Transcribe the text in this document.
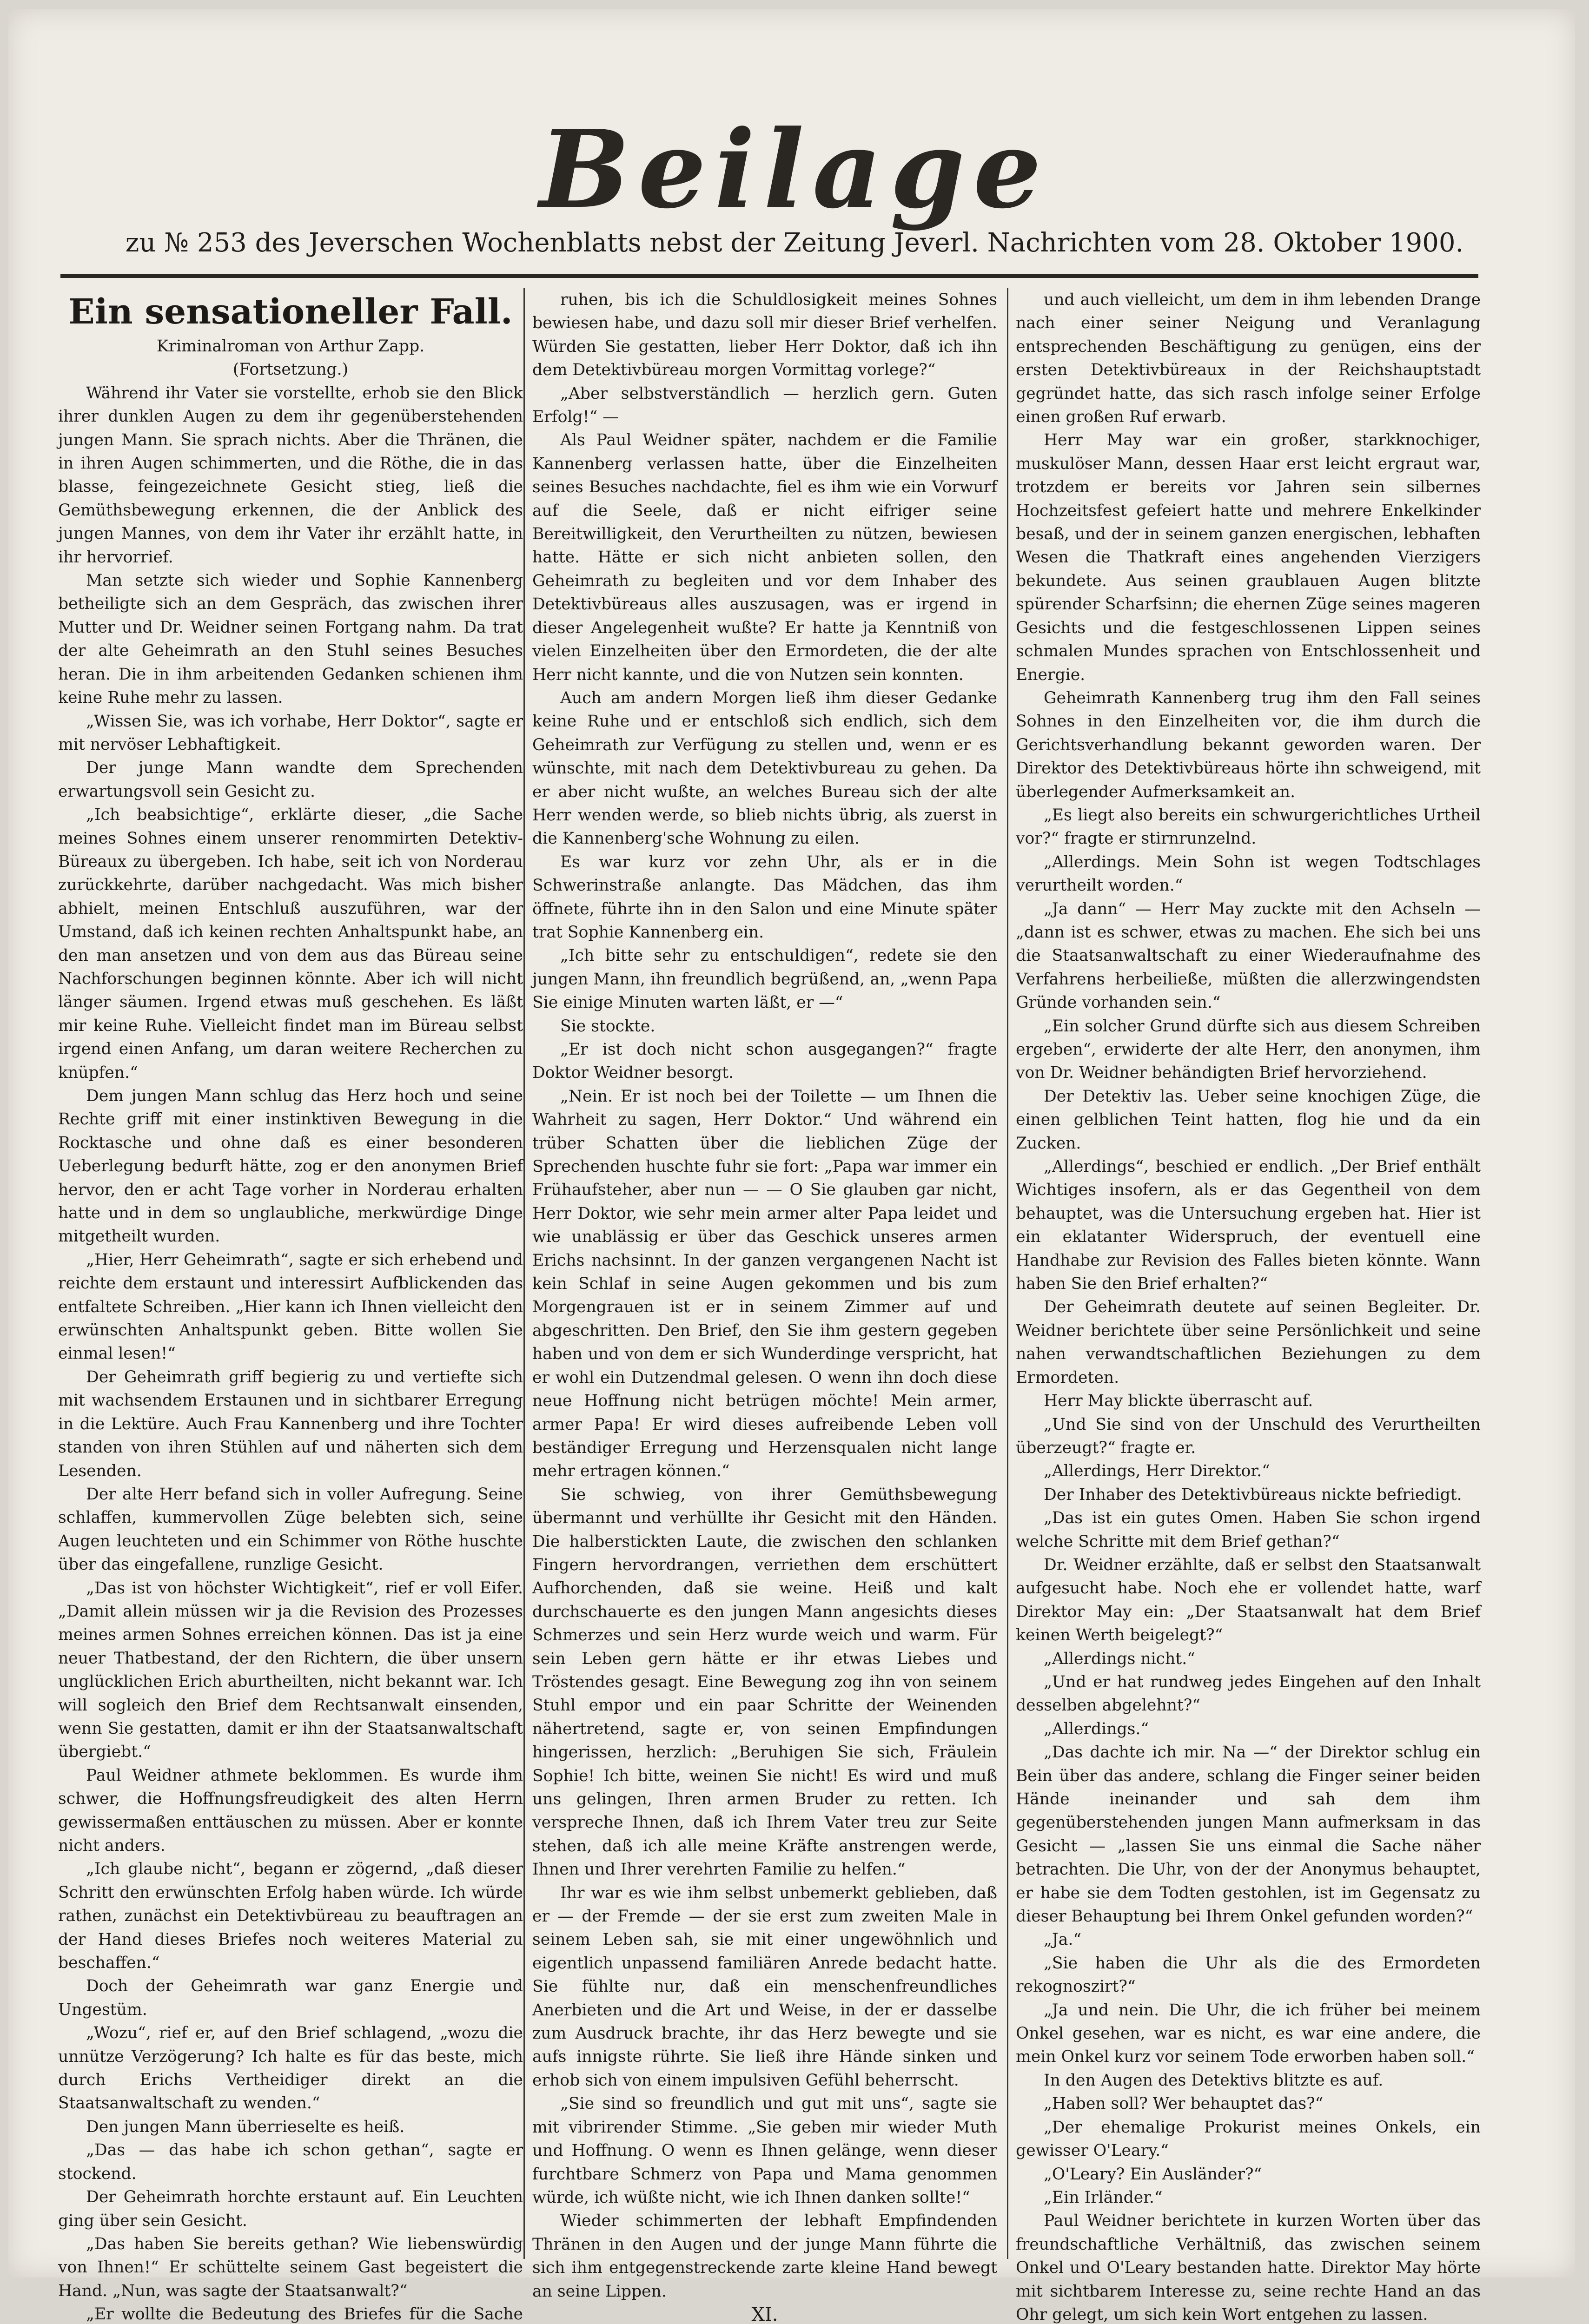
Beilage
zu № 253 des Jeverschen Wochenblatts nebst der Zeitung Jeverl. Nachrichten vom 28. Oktober 1900.
Ein sensationeller Fall.

Kriminalroman von Arthur Zapp.

(Fortsetzung.)

Während ihr Vater sie vorstellte, erhob sie den Blick ihrer dunklen Augen zu dem ihr gegenüberstehenden jungen Mann. Sie sprach nichts. Aber die Thränen, die in ihren Augen schimmerten, und die Röthe, die in das blasse, feingezeichnete Gesicht stieg, ließ die Gemüthsbewegung erkennen, die der Anblick des jungen Mannes, von dem ihr Vater ihr erzählt hatte, in ihr hervorrief.

Man setzte sich wieder und Sophie Kannenberg betheiligte sich an dem Gespräch, das zwischen ihrer Mutter und Dr. Weidner seinen Fortgang nahm. Da trat der alte Geheimrath an den Stuhl seines Besuches heran. Die in ihm arbeitenden Gedanken schienen ihm keine Ruhe mehr zu lassen.

„Wissen Sie, was ich vorhabe, Herr Doktor“, sagte er mit nervöser Lebhaftigkeit.

Der junge Mann wandte dem Sprechenden erwartungsvoll sein Gesicht zu.

„Ich beabsichtige“, erklärte dieser, „die Sache meines Sohnes einem unserer renommirten Detektiv-Büreaux zu übergeben. Ich habe, seit ich von Norderau zurückkehrte, darüber nachgedacht. Was mich bisher abhielt, meinen Entschluß auszuführen, war der Umstand, daß ich keinen rechten Anhaltspunkt habe, an den man ansetzen und von dem aus das Büreau seine Nachforschungen beginnen könnte. Aber ich will nicht länger säumen. Irgend etwas muß geschehen. Es läßt mir keine Ruhe. Vielleicht findet man im Büreau selbst irgend einen Anfang, um daran weitere Recherchen zu knüpfen.“

Dem jungen Mann schlug das Herz hoch und seine Rechte griff mit einer instinktiven Bewegung in die Rocktasche und ohne daß es einer besonderen Ueberlegung bedurft hätte, zog er den anonymen Brief hervor, den er acht Tage vorher in Norderau erhalten hatte und in dem so unglaubliche, merkwürdige Dinge mitgetheilt wurden.

„Hier, Herr Geheimrath“, sagte er sich erhebend und reichte dem erstaunt und interessirt Aufblickenden das entfaltete Schreiben. „Hier kann ich Ihnen vielleicht den erwünschten Anhaltspunkt geben. Bitte wollen Sie einmal lesen!“

Der Geheimrath griff begierig zu und vertiefte sich mit wachsendem Erstaunen und in sichtbarer Erregung in die Lektüre. Auch Frau Kannenberg und ihre Tochter standen von ihren Stühlen auf und näherten sich dem Lesenden.

Der alte Herr befand sich in voller Aufregung. Seine schlaffen, kummervollen Züge belebten sich, seine Augen leuchteten und ein Schimmer von Röthe huschte über das eingefallene, runzlige Gesicht.

„Das ist von höchster Wichtigkeit“, rief er voll Eifer. „Damit allein müssen wir ja die Revision des Prozesses meines armen Sohnes erreichen können. Das ist ja eine neuer Thatbestand, der den Richtern, die über unsern unglücklichen Erich aburtheilten, nicht bekannt war. Ich will sogleich den Brief dem Rechtsanwalt einsenden, wenn Sie gestatten, damit er ihn der Staatsanwaltschaft übergiebt.“

Paul Weidner athmete beklommen. Es wurde ihm schwer, die Hoffnungsfreudigkeit des alten Herrn gewissermaßen enttäuschen zu müssen. Aber er konnte nicht anders.

„Ich glaube nicht“, begann er zögernd, „daß dieser Schritt den erwünschten Erfolg haben würde. Ich würde rathen, zunächst ein Detektivbüreau zu beauftragen an der Hand dieses Briefes noch weiteres Material zu beschaffen.“

Doch der Geheimrath war ganz Energie und Ungestüm.

„Wozu“, rief er, auf den Brief schlagend, „wozu die unnütze Verzögerung? Ich halte es für das beste, mich durch Erichs Vertheidiger direkt an die Staatsanwaltschaft zu wenden.“

Den jungen Mann überrieselte es heiß.

„Das — das habe ich schon gethan“, sagte er stockend.

Der Geheimrath horchte erstaunt auf. Ein Leuchten ging über sein Gesicht.

„Das haben Sie bereits gethan? Wie liebenswürdig von Ihnen!“ Er schüttelte seinem Gast begeistert die Hand. „Nun, was sagte der Staatsanwalt?“

„Er wollte die Bedeutung des Briefes für die Sache

ruhen, bis ich die Schuldlosigkeit meines Sohnes bewiesen habe, und dazu soll mir dieser Brief verhelfen. Würden Sie gestatten, lieber Herr Doktor, daß ich ihn dem Detektivbüreau morgen Vormittag vorlege?“

„Aber selbstverständlich — herzlich gern. Guten Erfolg!“ —

Als Paul Weidner später, nachdem er die Familie Kannenberg verlassen hatte, über die Einzelheiten seines Besuches nachdachte, fiel es ihm wie ein Vorwurf auf die Seele, daß er nicht eifriger seine Bereitwilligkeit, den Verurtheilten zu nützen, bewiesen hatte. Hätte er sich nicht anbieten sollen, den Geheimrath zu begleiten und vor dem Inhaber des Detektivbüreaus alles auszusagen, was er irgend in dieser Angelegenheit wußte? Er hatte ja Kenntniß von vielen Einzelheiten über den Ermordeten, die der alte Herr nicht kannte, und die von Nutzen sein konnten.

Auch am andern Morgen ließ ihm dieser Gedanke keine Ruhe und er entschloß sich endlich, sich dem Geheimrath zur Verfügung zu stellen und, wenn er es wünschte, mit nach dem Detektivbureau zu gehen. Da er aber nicht wußte, an welches Bureau sich der alte Herr wenden werde, so blieb nichts übrig, als zuerst in die Kannenberg'sche Wohnung zu eilen.

Es war kurz vor zehn Uhr, als er in die Schwerinstraße anlangte. Das Mädchen, das ihm öffnete, führte ihn in den Salon und eine Minute später trat Sophie Kannenberg ein.

„Ich bitte sehr zu entschuldigen“, redete sie den jungen Mann, ihn freundlich begrüßend, an, „wenn Papa Sie einige Minuten warten läßt, er —“

Sie stockte.

„Er ist doch nicht schon ausgegangen?“ fragte Doktor Weidner besorgt.

„Nein. Er ist noch bei der Toilette — um Ihnen die Wahrheit zu sagen, Herr Doktor.“ Und während ein trüber Schatten über die lieblichen Züge der Sprechenden huschte fuhr sie fort: „Papa war immer ein Frühaufsteher, aber nun — — O Sie glauben gar nicht, Herr Doktor, wie sehr mein armer alter Papa leidet und wie unablässig er über das Geschick unseres armen Erichs nachsinnt. In der ganzen vergangenen Nacht ist kein Schlaf in seine Augen gekommen und bis zum Morgengrauen ist er in seinem Zimmer auf und abgeschritten. Den Brief, den Sie ihm gestern gegeben haben und von dem er sich Wunderdinge verspricht, hat er wohl ein Dutzendmal gelesen. O wenn ihn doch diese neue Hoffnung nicht betrügen möchte! Mein armer, armer Papa! Er wird dieses aufreibende Leben voll beständiger Erregung und Herzensqualen nicht lange mehr ertragen können.“

Sie schwieg, von ihrer Gemüthsbewegung übermannt und verhüllte ihr Gesicht mit den Händen. Die halberstickten Laute, die zwischen den schlanken Fingern hervordrangen, verriethen dem erschüttert Aufhorchenden, daß sie weine. Heiß und kalt durchschauerte es den jungen Mann angesichts dieses Schmerzes und sein Herz wurde weich und warm. Für sein Leben gern hätte er ihr etwas Liebes und Tröstendes gesagt. Eine Bewegung zog ihn von seinem Stuhl empor und ein paar Schritte der Weinenden nähertretend, sagte er, von seinen Empfindungen hingerissen, herzlich: „Beruhigen Sie sich, Fräulein Sophie! Ich bitte, weinen Sie nicht! Es wird und muß uns gelingen, Ihren armen Bruder zu retten. Ich verspreche Ihnen, daß ich Ihrem Vater treu zur Seite stehen, daß ich alle meine Kräfte anstrengen werde, Ihnen und Ihrer verehrten Familie zu helfen.“

Ihr war es wie ihm selbst unbemerkt geblieben, daß er — der Fremde — der sie erst zum zweiten Male in seinem Leben sah, sie mit einer ungewöhnlich und eigentlich unpassend familiären Anrede bedacht hatte. Sie fühlte nur, daß ein menschenfreundliches Anerbieten und die Art und Weise, in der er dasselbe zum Ausdruck brachte, ihr das Herz bewegte und sie aufs innigste rührte. Sie ließ ihre Hände sinken und erhob sich von einem impulsiven Gefühl beherrscht.

„Sie sind so freundlich und gut mit uns“, sagte sie mit vibrirender Stimme. „Sie geben mir wieder Muth und Hoffnung. O wenn es Ihnen gelänge, wenn dieser furchtbare Schmerz von Papa und Mama genommen würde, ich wüßte nicht, wie ich Ihnen danken sollte!“

Wieder schimmerten der lebhaft Empfindenden Thränen in den Augen und der junge Mann führte die sich ihm entgegenstreckende zarte kleine Hand bewegt an seine Lippen.

XI.

und auch vielleicht, um dem in ihm lebenden Drange nach einer seiner Neigung und Veranlagung entsprechenden Beschäftigung zu genügen, eins der ersten Detektivbüreaux in der Reichshauptstadt gegründet hatte, das sich rasch infolge seiner Erfolge einen großen Ruf erwarb.

Herr May war ein großer, starkknochiger, muskulöser Mann, dessen Haar erst leicht ergraut war, trotzdem er bereits vor Jahren sein silbernes Hochzeitsfest gefeiert hatte und mehrere Enkelkinder besaß, und der in seinem ganzen energischen, lebhaften Wesen die Thatkraft eines angehenden Vierzigers bekundete. Aus seinen graublauen Augen blitzte spürender Scharfsinn; die ehernen Züge seines mageren Gesichts und die festgeschlossenen Lippen seines schmalen Mundes sprachen von Entschlossenheit und Energie.

Geheimrath Kannenberg trug ihm den Fall seines Sohnes in den Einzelheiten vor, die ihm durch die Gerichtsverhandlung bekannt geworden waren. Der Direktor des Detektivbüreaus hörte ihn schweigend, mit überlegender Aufmerksamkeit an.

„Es liegt also bereits ein schwurgerichtliches Urtheil vor?“ fragte er stirnrunzelnd.

„Allerdings. Mein Sohn ist wegen Todtschlages verurtheilt worden.“

„Ja dann“ — Herr May zuckte mit den Achseln — „dann ist es schwer, etwas zu machen. Ehe sich bei uns die Staatsanwaltschaft zu einer Wiederaufnahme des Verfahrens herbeiließe, müßten die allerzwingendsten Gründe vorhanden sein.“

„Ein solcher Grund dürfte sich aus diesem Schreiben ergeben“, erwiderte der alte Herr, den anonymen, ihm von Dr. Weidner behändigten Brief hervorziehend.

Der Detektiv las. Ueber seine knochigen Züge, die einen gelblichen Teint hatten, flog hie und da ein Zucken.

„Allerdings“, beschied er endlich. „Der Brief enthält Wichtiges insofern, als er das Gegentheil von dem behauptet, was die Untersuchung ergeben hat. Hier ist ein eklatanter Widerspruch, der eventuell eine Handhabe zur Revision des Falles bieten könnte. Wann haben Sie den Brief erhalten?“

Der Geheimrath deutete auf seinen Begleiter. Dr. Weidner berichtete über seine Persönlichkeit und seine nahen verwandtschaftlichen Beziehungen zu dem Ermordeten.

Herr May blickte überrascht auf.

„Und Sie sind von der Unschuld des Verurtheilten überzeugt?“ fragte er.

„Allerdings, Herr Direktor.“

Der Inhaber des Detektivbüreaus nickte befriedigt.

„Das ist ein gutes Omen. Haben Sie schon irgend welche Schritte mit dem Brief gethan?“

Dr. Weidner erzählte, daß er selbst den Staatsanwalt aufgesucht habe. Noch ehe er vollendet hatte, warf Direktor May ein: „Der Staatsanwalt hat dem Brief keinen Werth beigelegt?“

„Allerdings nicht.“

„Und er hat rundweg jedes Eingehen auf den Inhalt desselben abgelehnt?“

„Allerdings.“

„Das dachte ich mir. Na —“ der Direktor schlug ein Bein über das andere, schlang die Finger seiner beiden Hände ineinander und sah dem ihm gegenüberstehenden jungen Mann aufmerksam in das Gesicht — „lassen Sie uns einmal die Sache näher betrachten. Die Uhr, von der der Anonymus behauptet, er habe sie dem Todten gestohlen, ist im Gegensatz zu dieser Behauptung bei Ihrem Onkel gefunden worden?“

„Ja.“

„Sie haben die Uhr als die des Ermordeten rekognoszirt?“

„Ja und nein. Die Uhr, die ich früher bei meinem Onkel gesehen, war es nicht, es war eine andere, die mein Onkel kurz vor seinem Tode erworben haben soll.“

In den Augen des Detektivs blitzte es auf.

„Haben soll? Wer behauptet das?“

„Der ehemalige Prokurist meines Onkels, ein gewisser O'Leary.“

„O'Leary? Ein Ausländer?“

„Ein Irländer.“

Paul Weidner berichtete in kurzen Worten über das freundschaftliche Verhältniß, das zwischen seinem Onkel und O'Leary bestanden hatte. Direktor May hörte mit sichtbarem Interesse zu, seine rechte Hand an das Ohr gelegt, um sich kein Wort entgehen zu lassen.
